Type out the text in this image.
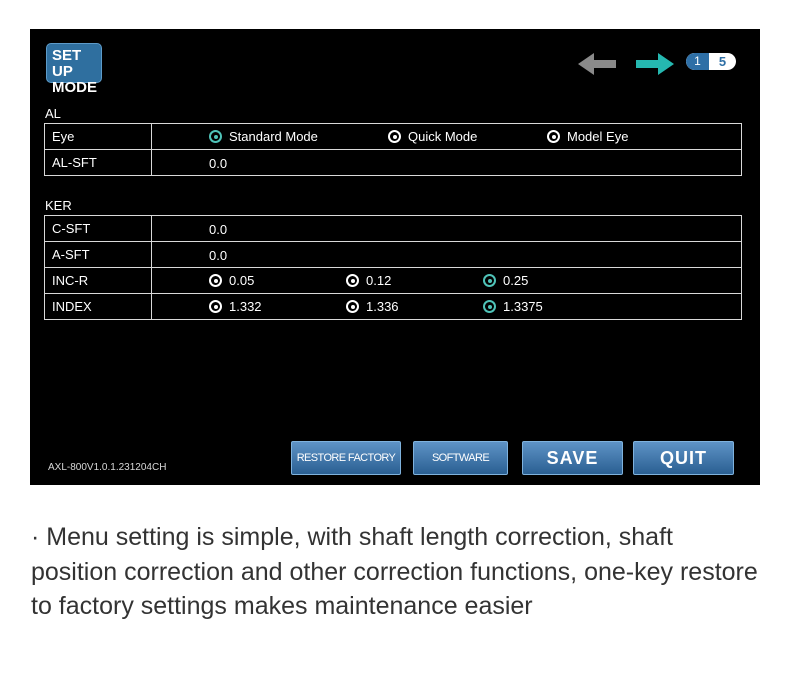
SET UP
MODE
1	5
AL
Eye	Standard Mode Quick Mode Model Eye

AL-SFT	0.0
KER
C-SFT	0.0

A-SFT	0.0

INC-R	0.05 0.12 0.25

INDEX	1.332 1.336 1.3375
AXL-800V1.0.1.231204CH
RESTORE FACTORY SETTINGS
SOFTWARE UPDATE
SAVE	QUIT
· Menu setting is simple, with shaft length correction, shaft position correction and other correction functions, one-key restore to factory settings makes maintenance easier
